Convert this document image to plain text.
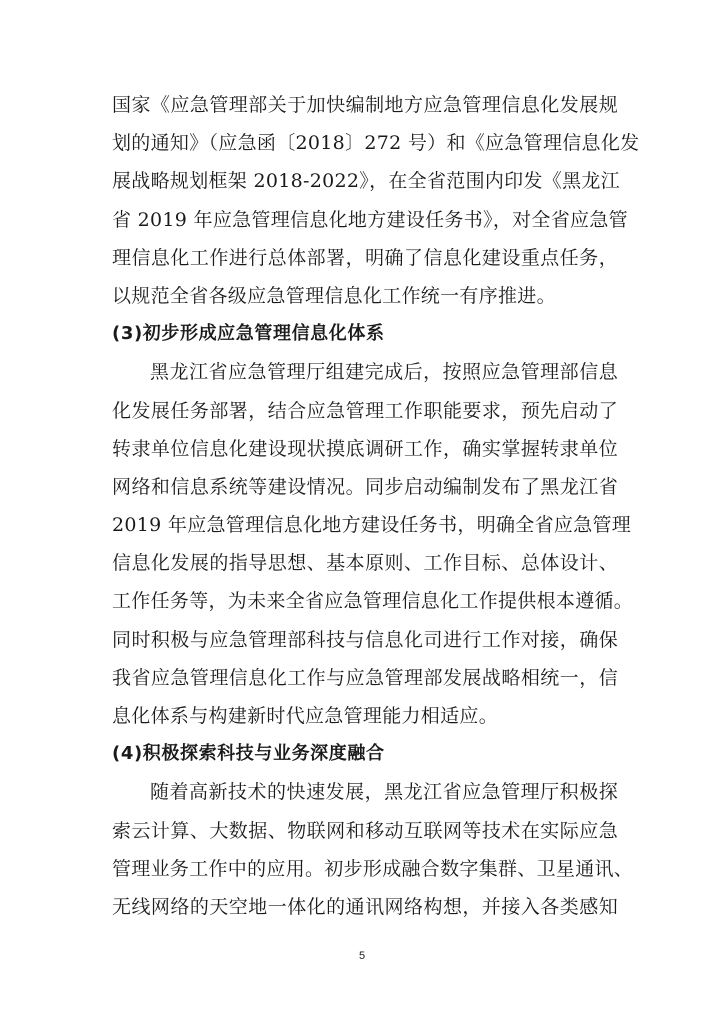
国家《应急管理部关于加快编制地方应急管理信息化发展规
划的通知》（应急函〔2018〕272 号）和《应急管理信息化发
展战略规划框架 2018-2022》，在全省范围内印发《黑龙江
省 2019 年应急管理信息化地方建设任务书》，对全省应急管
理信息化工作进行总体部署，明确了信息化建设重点任务，
以规范全省各级应急管理信息化工作统一有序推进。
(3)初步形成应急管理信息化体系
黑龙江省应急管理厅组建完成后，按照应急管理部信息
化发展任务部署，结合应急管理工作职能要求，预先启动了
转隶单位信息化建设现状摸底调研工作，确实掌握转隶单位
网络和信息系统等建设情况。同步启动编制发布了黑龙江省
2019 年应急管理信息化地方建设任务书，明确全省应急管理
信息化发展的指导思想、基本原则、工作目标、总体设计、
工作任务等，为未来全省应急管理信息化工作提供根本遵循。
同时积极与应急管理部科技与信息化司进行工作对接，确保
我省应急管理信息化工作与应急管理部发展战略相统一，信
息化体系与构建新时代应急管理能力相适应。
(4)积极探索科技与业务深度融合
随着高新技术的快速发展，黑龙江省应急管理厅积极探
索云计算、大数据、物联网和移动互联网等技术在实际应急
管理业务工作中的应用。初步形成融合数字集群、卫星通讯、
无线网络的天空地一体化的通讯网络构想，并接入各类感知
5
